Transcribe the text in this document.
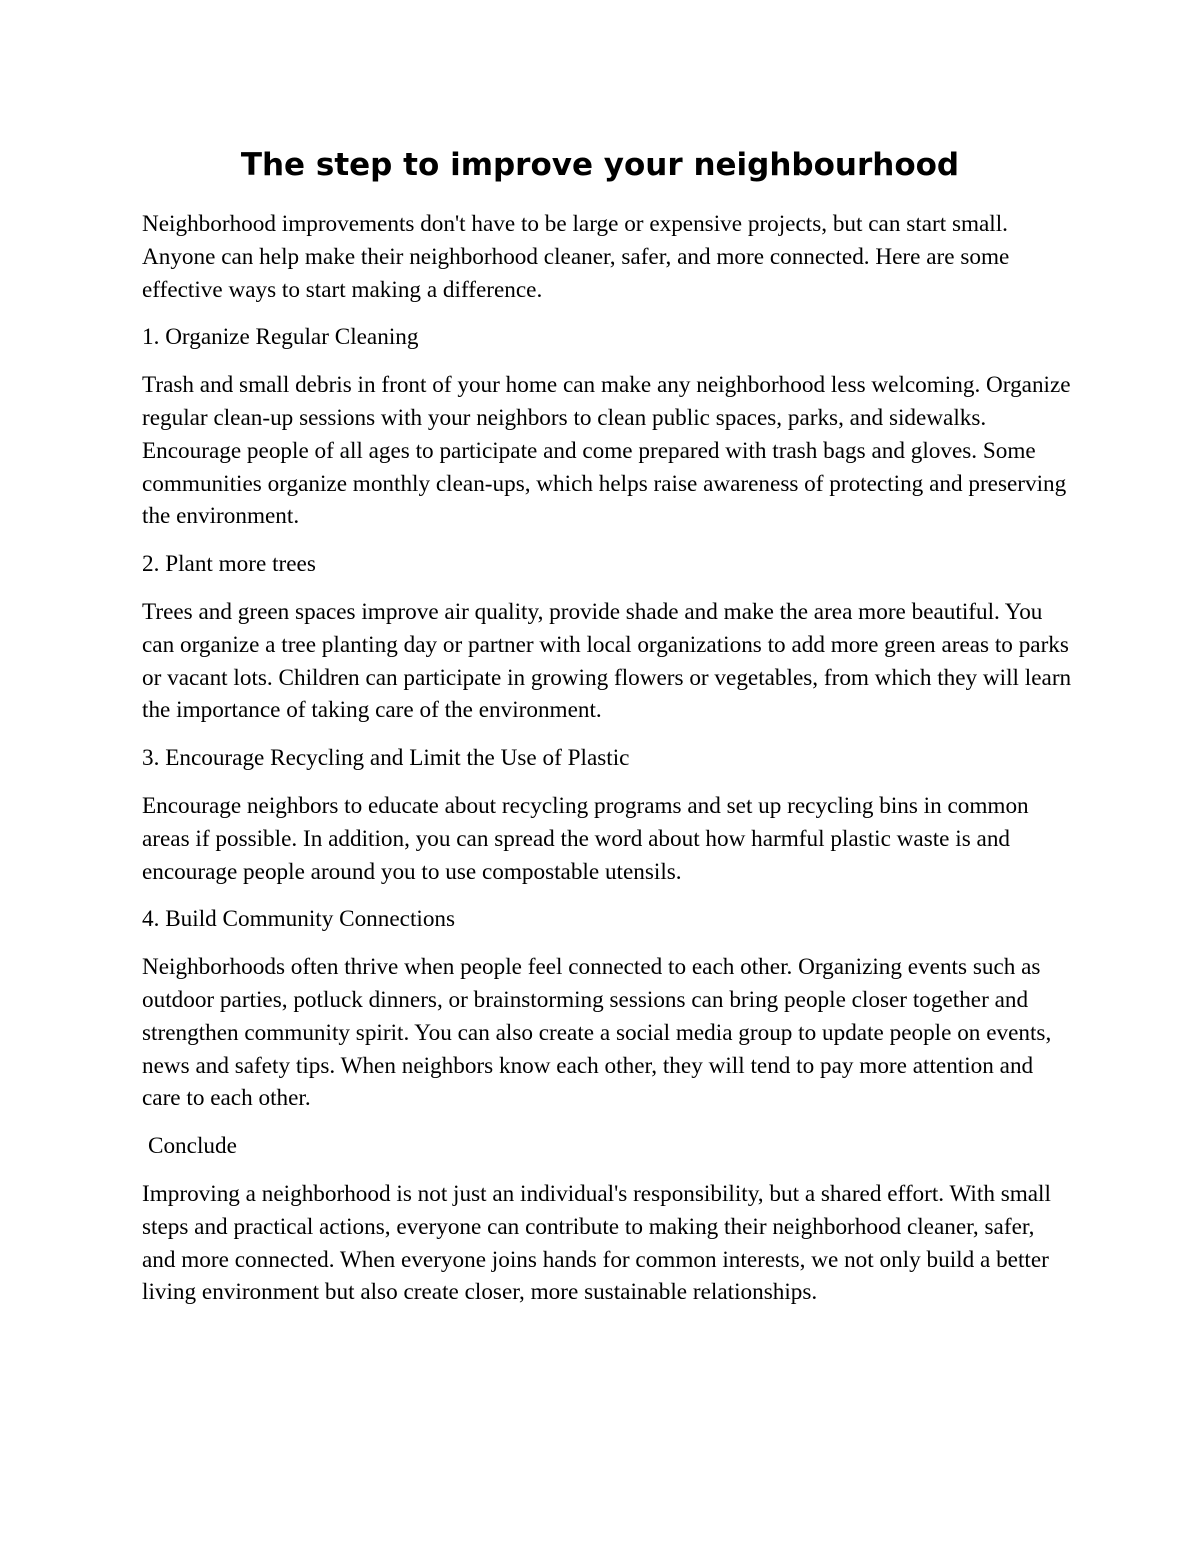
The step to improve your neighbourhood

Neighborhood improvements don't have to be large or expensive projects, but can start small. Anyone can help make their neighborhood cleaner, safer, and more connected. Here are some effective ways to start making a difference.

1. Organize Regular Cleaning

Trash and small debris in front of your home can make any neighborhood less welcoming. Organize regular clean-up sessions with your neighbors to clean public spaces, parks, and sidewalks. Encourage people of all ages to participate and come prepared with trash bags and gloves. Some communities organize monthly clean-ups, which helps raise awareness of protecting and preserving the environment.

2. Plant more trees

Trees and green spaces improve air quality, provide shade and make the area more beautiful. You can organize a tree planting day or partner with local organizations to add more green areas to parks or vacant lots. Children can participate in growing flowers or vegetables, from which they will learn the importance of taking care of the environment.

3. Encourage Recycling and Limit the Use of Plastic

Encourage neighbors to educate about recycling programs and set up recycling bins in common areas if possible. In addition, you can spread the word about how harmful plastic waste is and encourage people around you to use compostable utensils.

4. Build Community Connections

Neighborhoods often thrive when people feel connected to each other. Organizing events such as outdoor parties, potluck dinners, or brainstorming sessions can bring people closer together and strengthen community spirit. You can also create a social media group to update people on events, news and safety tips. When neighbors know each other, they will tend to pay more attention and care to each other.

Conclude

Improving a neighborhood is not just an individual's responsibility, but a shared effort. With small steps and practical actions, everyone can contribute to making their neighborhood cleaner, safer, and more connected. When everyone joins hands for common interests, we not only build a better living environment but also create closer, more sustainable relationships.
